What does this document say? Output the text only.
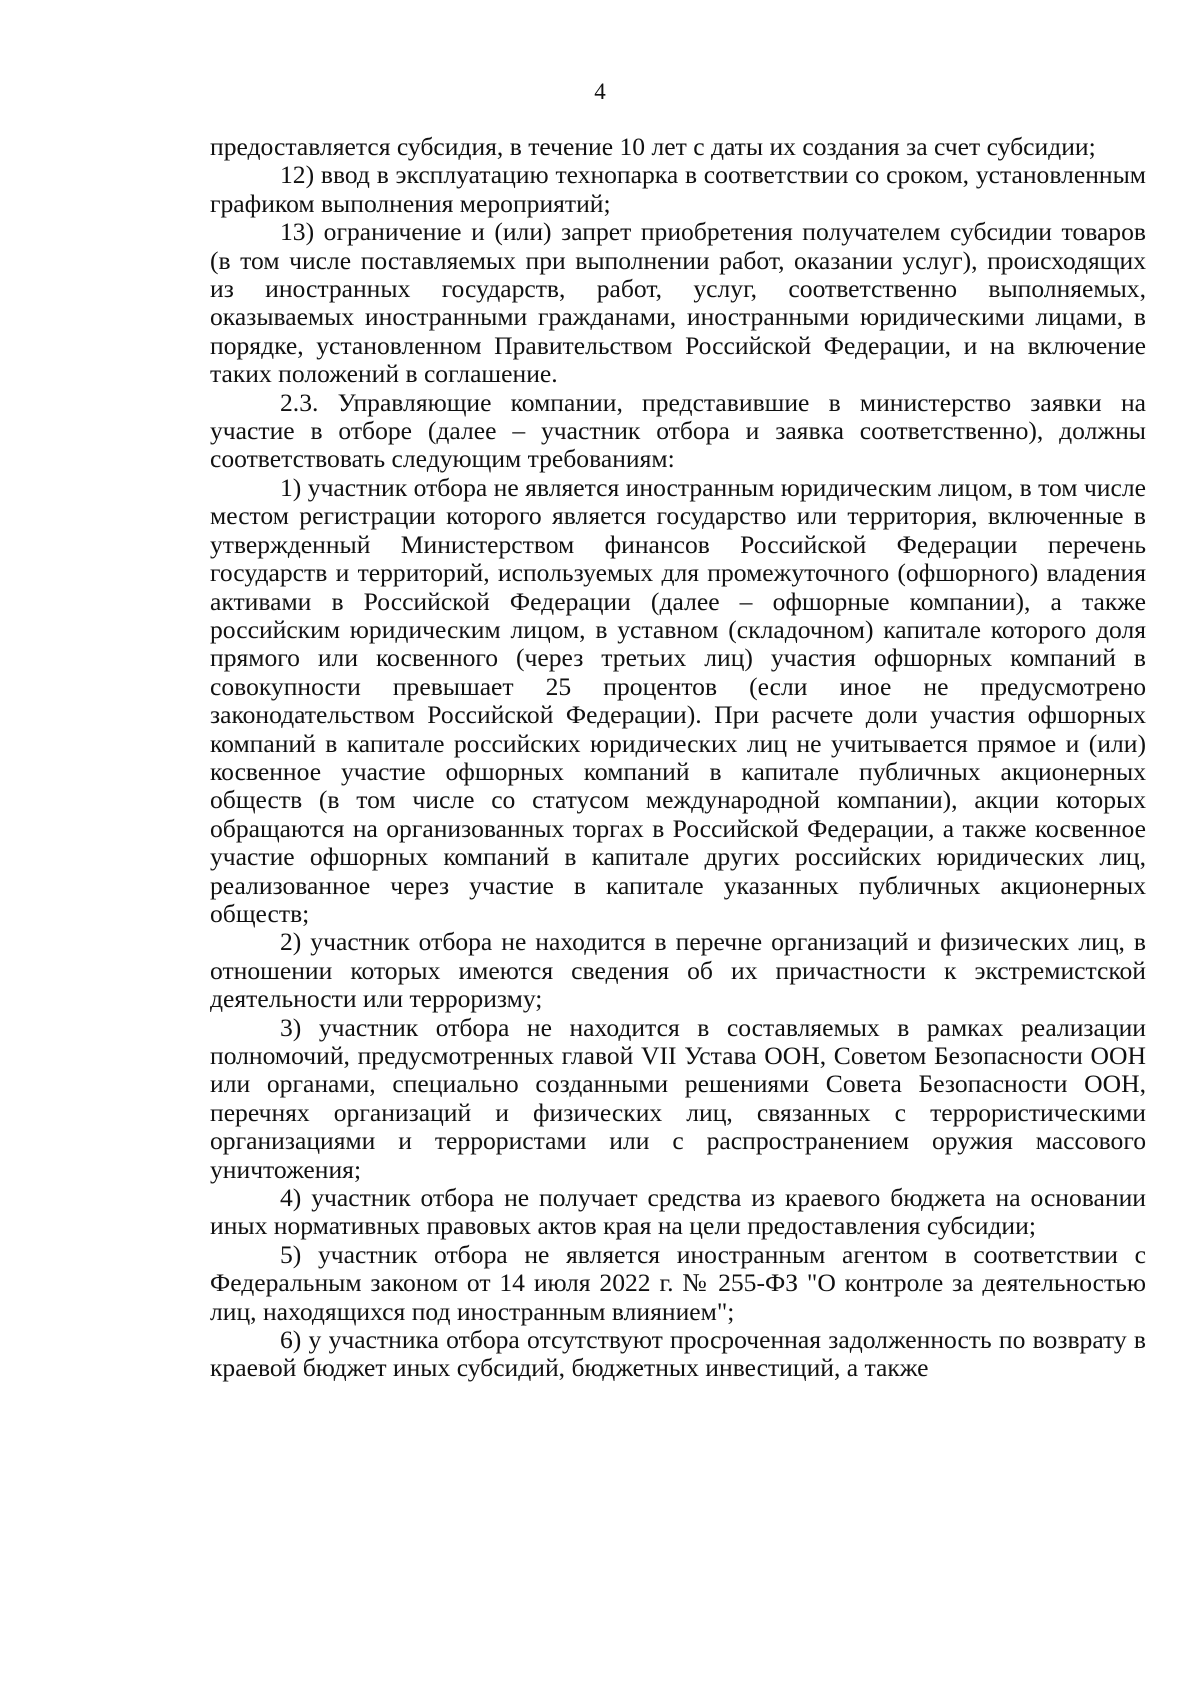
4

предоставляется субсидия, в течение 10 лет с даты их создания за счет субсидии;

12) ввод в эксплуатацию технопарка в соответствии со сроком, установленным графиком выполнения мероприятий;

13) ограничение и (или) запрет приобретения получателем субсидии товаров (в том числе поставляемых при выполнении работ, оказании услуг), происходящих из иностранных государств, работ, услуг, соответственно выполняемых, оказываемых иностранными гражданами, иностранными юридическими лицами, в порядке, установленном Правительством Российской Федерации, и на включение таких положений в соглашение.

2.3. Управляющие компании, представившие в министерство заявки на участие в отборе (далее – участник отбора и заявка соответственно), должны соответствовать следующим требованиям:

1) участник отбора не является иностранным юридическим лицом, в том числе местом регистрации которого является государство или территория, включенные в утвержденный Министерством финансов Российской Федерации перечень государств и территорий, используемых для промежуточного (офшорного) владения активами в Российской Федерации (далее – офшорные компании), а также российским юридическим лицом, в уставном (складочном) капитале которого доля прямого или косвенного (через третьих лиц) участия офшорных компаний в совокупности превышает 25 процентов (если иное не предусмотрено законодательством Российской Федерации). При расчете доли участия офшорных компаний в капитале российских юридических лиц не учитывается прямое и (или) косвенное участие офшорных компаний в капитале публичных акционерных обществ (в том числе со статусом международной компании), акции которых обращаются на организованных торгах в Российской Федерации, а также косвенное участие офшорных компаний в капитале других российских юридических лиц, реализованное через участие в капитале указанных публичных акционерных обществ;

2) участник отбора не находится в перечне организаций и физических лиц, в отношении которых имеются сведения об их причастности к экстремистской деятельности или терроризму;

3) участник отбора не находится в составляемых в рамках реализации полномочий, предусмотренных главой VII Устава ООН, Советом Безопасности ООН или органами, специально созданными решениями Совета Безопасности ООН, перечнях организаций и физических лиц, связанных с террористическими организациями и террористами или с распространением оружия массового уничтожения;

4) участник отбора не получает средства из краевого бюджета на основании иных нормативных правовых актов края на цели предоставления субсидии;

5) участник отбора не является иностранным агентом в соответствии с Федеральным законом от 14 июля 2022 г. № 255-ФЗ "О контроле за деятельностью лиц, находящихся под иностранным влиянием";

6) у участника отбора отсутствуют просроченная задолженность по возврату в краевой бюджет иных субсидий, бюджетных инвестиций, а также
